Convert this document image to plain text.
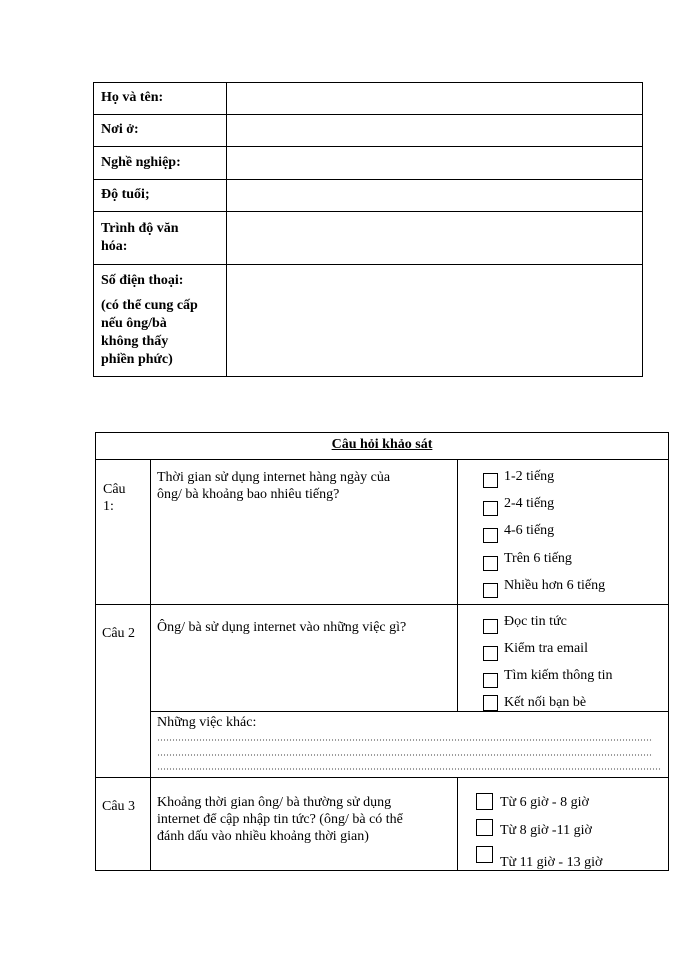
Họ và tên:
Nơi ở:
Nghề nghiệp:
Độ tuổi;
Trình độ văn
hóa:
Số điện thoại:
(có thể cung cấp
nếu ông/bà
không thấy
phiền phức)
Câu hỏi khảo sát
Câu
1:
Thời gian sử dụng internet hàng ngày của
ông/ bà khoảng bao nhiêu tiếng?
1-2 tiếng
2-4 tiếng
4-6 tiếng
Trên 6 tiếng
Nhiều hơn 6 tiếng
Câu 2 Ông/ bà sử dụng internet vào những việc gì?	Đọc tin tức
Kiểm tra email
Tìm kiếm thông tin
Kết nối bạn bè
Những việc khác:
Câu 3 Khoảng thời gian ông/ bà thường sử dụng
internet để cập nhập tin tức? (ông/ bà có thể
đánh dấu vào nhiều khoảng thời gian)
Từ 6 giờ - 8 giờ
Từ 8 giờ -11 giờ
Từ 11 giờ - 13 giờ
